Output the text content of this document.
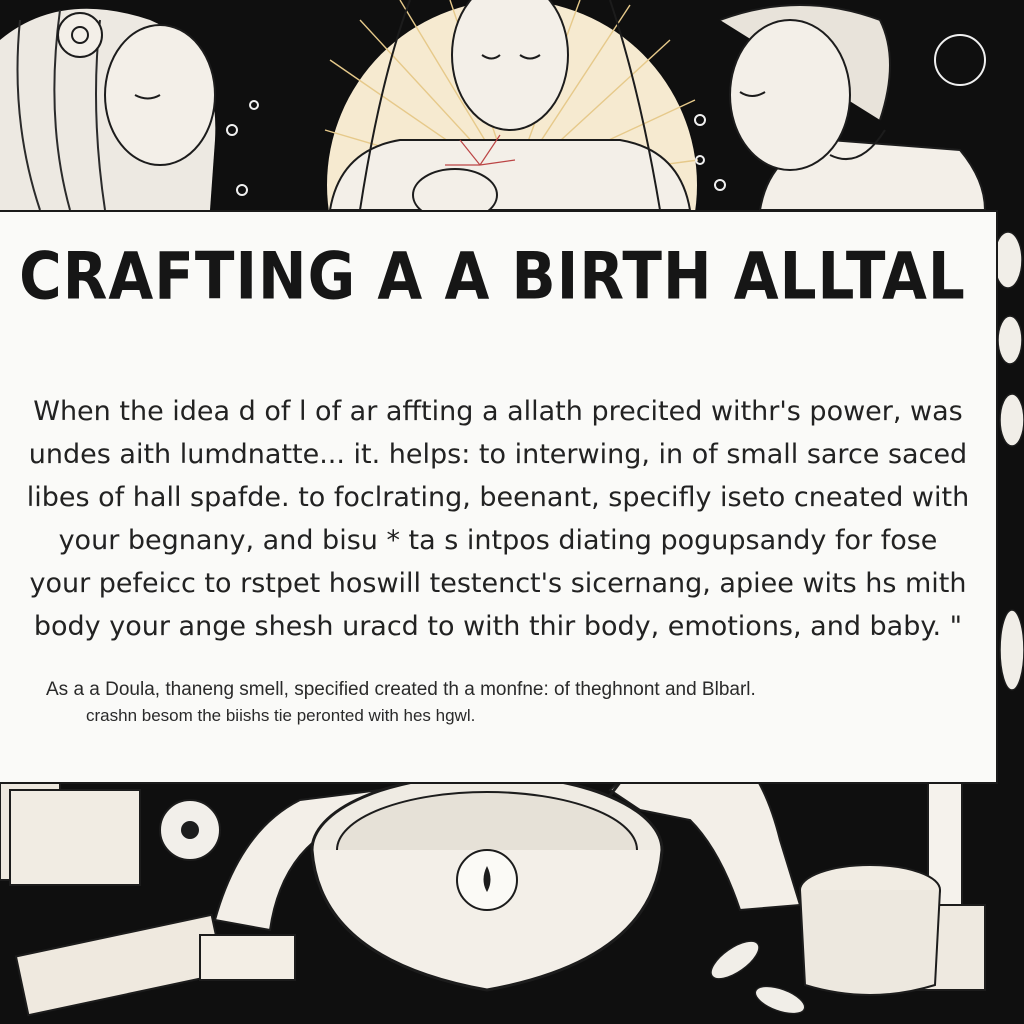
CRAFTING A A BIRTH ALLTAL

When the idea d of l of ar affting a allath precited withr's power, was
undes aith lumdnatte... it. helps: to interwing, in of small sarce saced
libes of hall spafde. to foclrating, beenant, specifly iseto cneated with
your begnany, and bisu * ta s intpos diating pogupsandy for fose
your pefeicc to rstpet hoswill testenct's sicernang, apiee wits hs mith
body your ange shesh uracd to with thir body, emotions, and baby. "

As a a Doula, thaneng smell, specified created th a monfne: of theghnont and Blbarl.
crashn besom the biishs tie peronted with hes hgwl.
